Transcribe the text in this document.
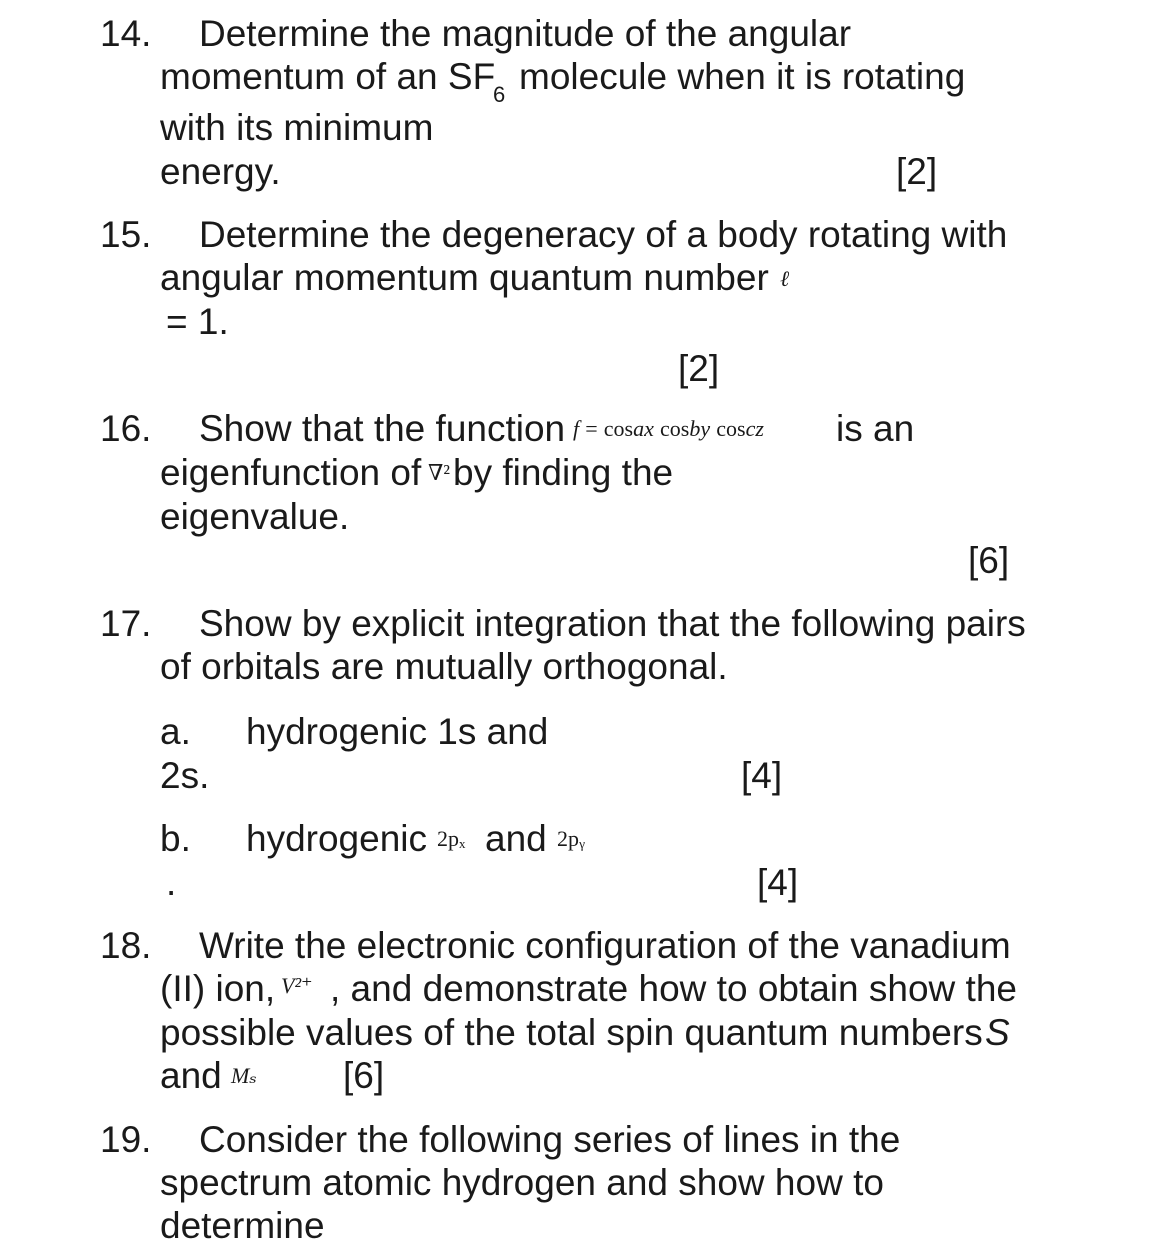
14. Determine the magnitude of the angular
momentum of an SF
6 molecule when it is rotating
with its minimum
energy.	[2]
15. Determine the degeneracy of a body rotating with
angular momentum quantum number ℓ
= 1.
[2]
16. Show that the function f = cosax cosby coscz is an
eigenfunction of ∇² by finding the
eigenvalue.
[6]
17. Show by explicit integration that the following pairs
of orbitals are mutually orthogonal.
a. hydrogenic 1s and
2s.	[4]
b. hydrogenic 2pₓ and 2pᵧ
.	[4]
18. Write the electronic configuration of the vanadium
(II) ion, V²⁺ , and demonstrate how to obtain show the
possible values of the total spin quantum numbers S
and Mₛ [6]
19. Consider the following series of lines in the
spectrum atomic hydrogen and show how to
determine
